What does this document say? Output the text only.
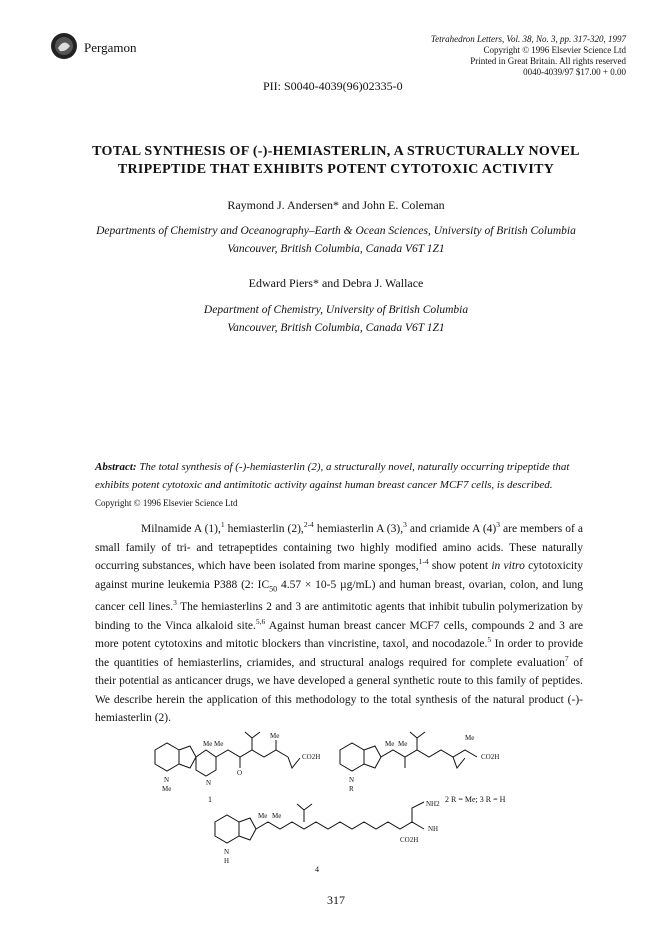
Pergamon
Tetrahedron Letters, Vol. 38, No. 3, pp. 317-320, 1997
Copyright © 1996 Elsevier Science Ltd
Printed in Great Britain. All rights reserved
0040-4039/97 $17.00 + 0.00
PII: S0040-4039(96)02335-0
TOTAL SYNTHESIS OF (-)-HEMIASTERLIN, A STRUCTURALLY NOVEL
TRIPEPTIDE THAT EXHIBITS POTENT CYTOTOXIC ACTIVITY
Raymond J. Andersen* and John E. Coleman
Departments of Chemistry and Oceanography–Earth & Ocean Sciences, University of British Columbia
Vancouver, British Columbia, Canada V6T 1Z1
Edward Piers* and Debra J. Wallace
Department of Chemistry, University of British Columbia
Vancouver, British Columbia, Canada V6T 1Z1
Abstract: The total synthesis of (-)-hemiasterlin (2), a structurally novel, naturally occurring tripeptide that exhibits potent cytotoxic and antimitotic activity against human breast cancer MCF7 cells, is described. Copyright © 1996 Elsevier Science Ltd

Milnamide A (1),$^1$ hemiasterlin (2),$^{2-4}$ hemiasterlin A (3),$^3$ and criamide A $(4)^3$ are members of a small family of tri- and tetrapeptides containing two highly modified amino acids. These naturally occurring substances, which have been isolated from marine sponges,$^{1-4}$ show potent in vitro cytotoxicity against murine leukemia P388 (2: $IC_{50}$ 4.57 × 10-5 µg/mL) and human breast, ovarian, colon, and lung cancer cell lines.$^3$ The hemiasterlins 2 and 3 are antimitotic agents that inhibit tubulin polymerization by binding to the Vinca alkaloid site.$^{5,6}$ Against human breast cancer MCF7 cells, compounds 2 and 3 are more potent cytotoxins and mitotic blockers than vincristine, taxol, and nocodazole.$^5$ In order to provide the quantities of hemiasterlins, criamides, and structural analogs required for complete evaluation$^7$ of their potential as anticancer drugs, we have developed a general synthetic route to this family of peptides. We describe herein the application of this methodology to the total synthesis of the natural product (-)-hemiasterlin (2).

Me Me
Me
CO2H
O
N
N
Me
1
Me Me
Me
CO2H
N
R
2 R = Me; 3 R = H
Me Me
NH2
NH
CO2H
N
H
4
317
